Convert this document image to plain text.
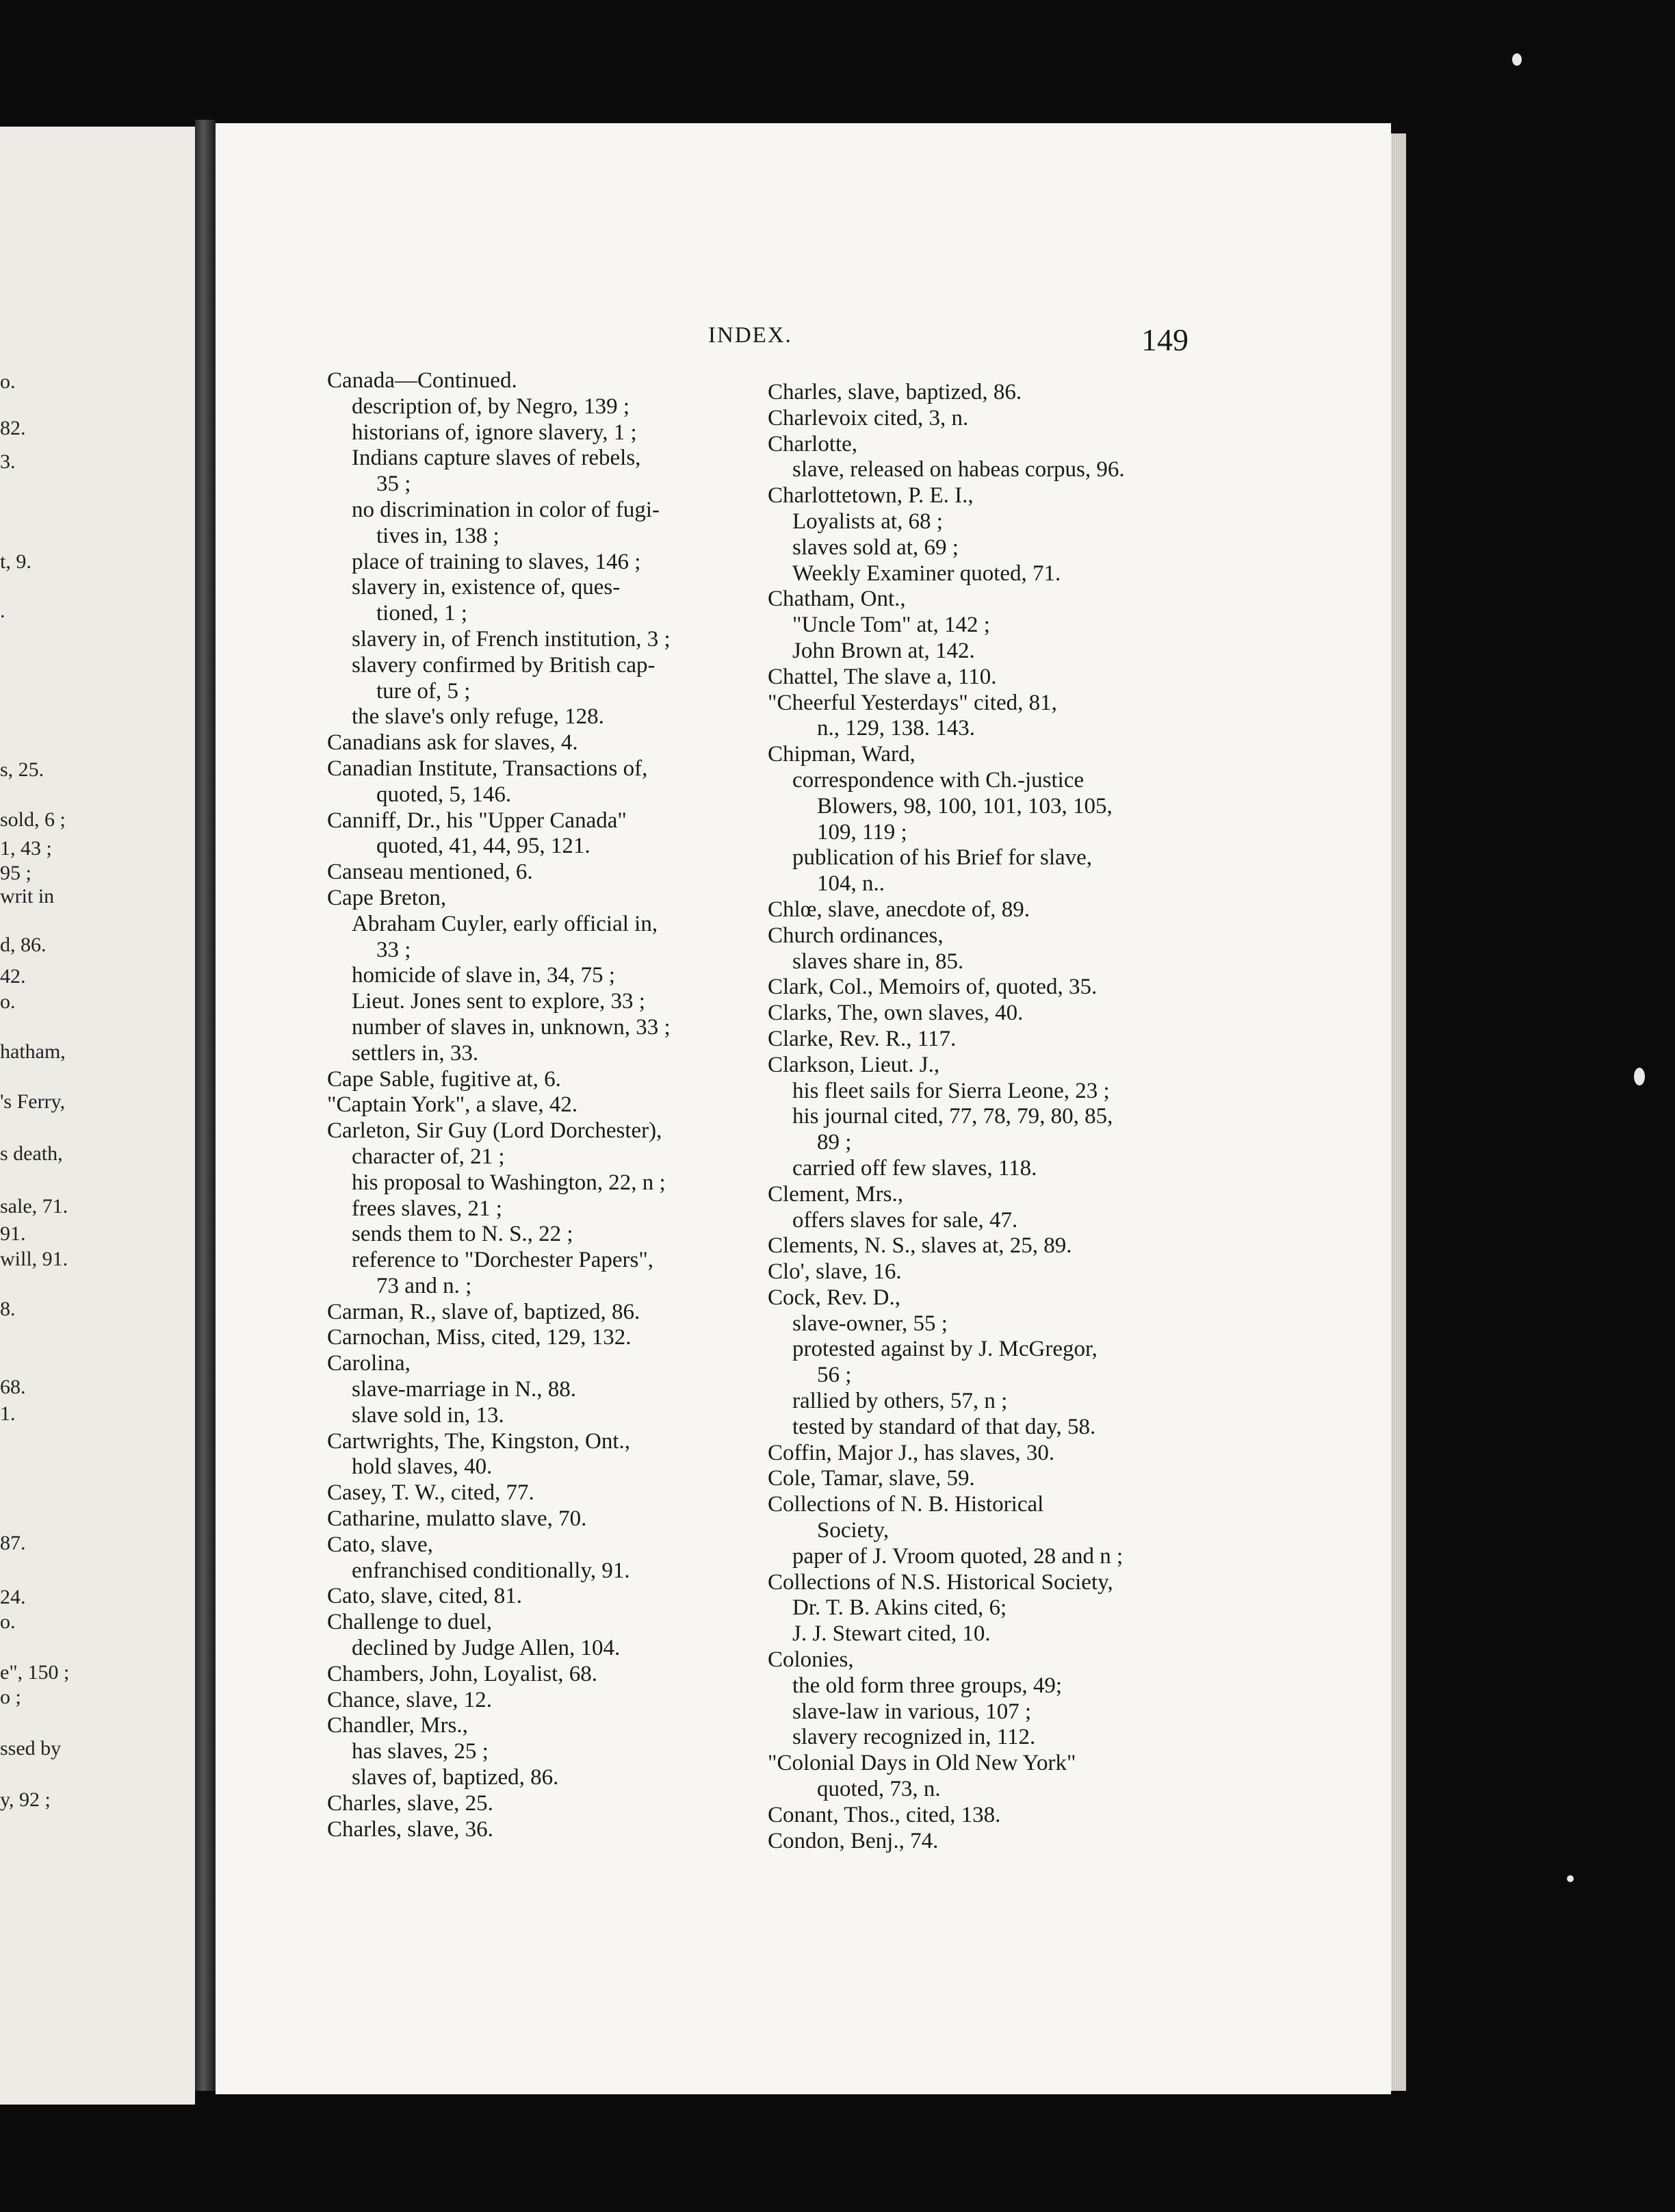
o.

82.

3.

t, 9.

.

s, 25.

sold, 6 ;

1, 43 ;

95 ;

writ in

d, 86.

42.

o.

hatham,

's Ferry,

s death,

sale, 71.

91.

will, 91.

8.

68.

1.

87.

24.

o.

e", 150 ;

o ;

ssed by

y, 92 ;

INDEX.	149

Canada—Continued.
description of, by Negro, 139 ;
historians of, ignore slavery, 1 ;
Indians capture slaves of rebels,
35 ;
no discrimination in color of fugi-
tives in, 138 ;
place of training to slaves, 146 ;
slavery in, existence of, ques-
tioned, 1 ;
slavery in, of French institution, 3 ;
slavery confirmed by British cap-
ture of, 5 ;
the slave's only refuge, 128.
Canadians ask for slaves, 4.
Canadian Institute, Transactions of,
quoted, 5, 146.
Canniff, Dr., his "Upper Canada"
quoted, 41, 44, 95, 121.
Canseau mentioned, 6.
Cape Breton,
Abraham Cuyler, early official in,
33 ;
homicide of slave in, 34, 75 ;
Lieut. Jones sent to explore, 33 ;
number of slaves in, unknown, 33 ;
settlers in, 33.
Cape Sable, fugitive at, 6.
"Captain York", a slave, 42.
Carleton, Sir Guy (Lord Dorchester),
character of, 21 ;
his proposal to Washington, 22, n ;
frees slaves, 21 ;
sends them to N. S., 22 ;
reference to "Dorchester Papers",
73 and n. ;
Carman, R., slave of, baptized, 86.
Carnochan, Miss, cited, 129, 132.
Carolina,
slave-marriage in N., 88.
slave sold in, 13.
Cartwrights, The, Kingston, Ont.,
hold slaves, 40.
Casey, T. W., cited, 77.
Catharine, mulatto slave, 70.
Cato, slave,
enfranchised conditionally, 91.
Cato, slave, cited, 81.
Challenge to duel,
declined by Judge Allen, 104.
Chambers, John, Loyalist, 68.
Chance, slave, 12.
Chandler, Mrs.,
has slaves, 25 ;
slaves of, baptized, 86.
Charles, slave, 25.
Charles, slave, 36.
Charles, slave, baptized, 86.
Charlevoix cited, 3, n.
Charlotte,
slave, released on habeas corpus, 96.
Charlottetown, P. E. I.,
Loyalists at, 68 ;
slaves sold at, 69 ;
Weekly Examiner quoted, 71.
Chatham, Ont.,
"Uncle Tom" at, 142 ;
John Brown at, 142.
Chattel, The slave a, 110.
"Cheerful Yesterdays" cited, 81,
n., 129, 138. 143.
Chipman, Ward,
correspondence with Ch.-justice
Blowers, 98, 100, 101, 103, 105,
109, 119 ;
publication of his Brief for slave,
104, n..
Chlœ, slave, anecdote of, 89.
Church ordinances,
slaves share in, 85.
Clark, Col., Memoirs of, quoted, 35.
Clarks, The, own slaves, 40.
Clarke, Rev. R., 117.
Clarkson, Lieut. J.,
his fleet sails for Sierra Leone, 23 ;
his journal cited, 77, 78, 79, 80, 85,
89 ;
carried off few slaves, 118.
Clement, Mrs.,
offers slaves for sale, 47.
Clements, N. S., slaves at, 25, 89.
Clo', slave, 16.
Cock, Rev. D.,
slave-owner, 55 ;
protested against by J. McGregor,
56 ;
rallied by others, 57, n ;
tested by standard of that day, 58.
Coffin, Major J., has slaves, 30.
Cole, Tamar, slave, 59.
Collections of N. B. Historical
Society,
paper of J. Vroom quoted, 28 and n ;
Collections of N.S. Historical Society,
Dr. T. B. Akins cited, 6;
J. J. Stewart cited, 10.
Colonies,
the old form three groups, 49;
slave-law in various, 107 ;
slavery recognized in, 112.
"Colonial Days in Old New York"
quoted, 73, n.
Conant, Thos., cited, 138.
Condon, Benj., 74.
